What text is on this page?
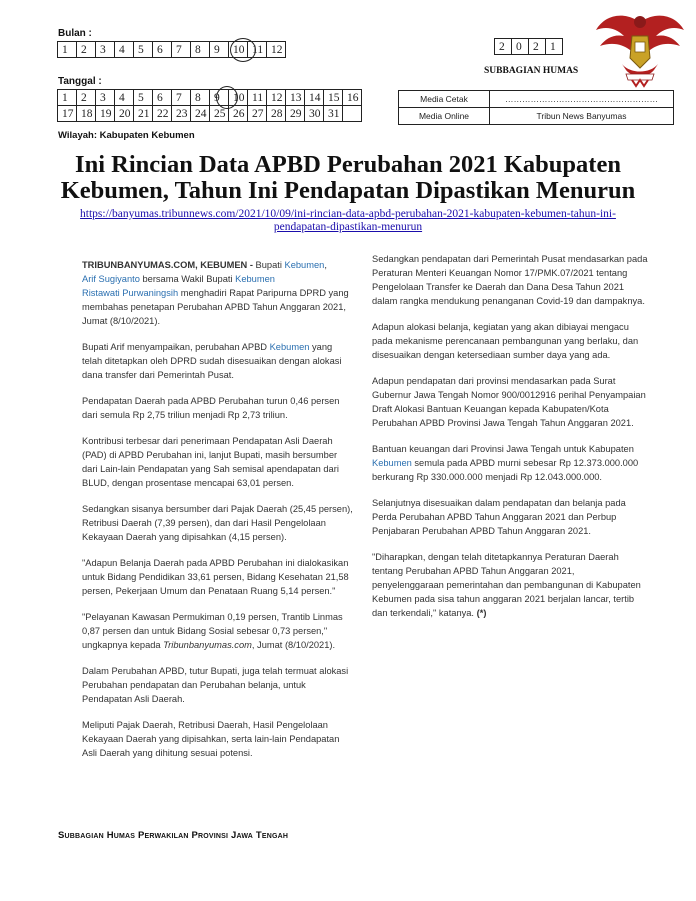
Bulan :
1	2	3	4	5	6	7	8	9	10	11	12	2	0	2	1
SUBBAGIAN HUMAS
Tanggal :
1	2	3	4	5	6	7	8	9	10	11	12	13	14	15	16
17	18	19	20	21	22	23	24	25	26	27	28	29	30	31	
Media Cetak	………………………………………………
Media Online	Tribun News Banyumas
Wilayah: Kabupaten Kebumen
Ini Rincian Data APBD Perubahan 2021 Kabupaten Kebumen, Tahun Ini Pendapatan Dipastikan Menurun
https://banyumas.tribunnews.com/2021/10/09/ini-rincian-data-apbd-perubahan-2021-kabupaten-kebumen-tahun-ini-pendapatan-dipastikan-menurun

TRIBUNBANYUMAS.COM, KEBUMEN - Bupati Kebumen,
Arif Sugiyanto bersama Wakil Bupati Kebumen
Ristawati Purwaningsih menghadiri Rapat Paripurna DPRD yang membahas penetapan Perubahan APBD Tahun Anggaran 2021, Jumat (8/10/2021).

Bupati Arif menyampaikan, perubahan APBD Kebumen yang telah ditetapkan oleh DPRD sudah disesuaikan dengan alokasi dana transfer dari Pemerintah Pusat.

Pendapatan Daerah pada APBD Perubahan turun 0,46 persen dari semula Rp 2,75 triliun menjadi Rp 2,73 triliun.

Kontribusi terbesar dari penerimaan Pendapatan Asli Daerah (PAD) di APBD Perubahan ini, lanjut Bupati, masih bersumber dari Lain-lain Pendapatan yang Sah semisal apendapatan dari BLUD, dengan prosentase mencapai 63,01 persen.

Sedangkan sisanya bersumber dari Pajak Daerah (25,45 persen), Retribusi Daerah (7,39 persen), dan dari Hasil Pengelolaan Kekayaan Daerah yang dipisahkan (4,15 persen).

"Adapun Belanja Daerah pada APBD Perubahan ini dialokasikan untuk Bidang Pendidikan 33,61 persen, Bidang Kesehatan 21,58 persen, Pekerjaan Umum dan Penataan Ruang 5,14 persen."

"Pelayanan Kawasan Permukiman 0,19 persen, Trantib Linmas 0,87 persen dan untuk Bidang Sosial sebesar 0,73 persen," ungkapnya kepada Tribunbanyumas.com, Jumat (8/10/2021).

Dalam Perubahan APBD, tutur Bupati, juga telah termuat alokasi Perubahan pendapatan dan Perubahan belanja, untuk Pendapatan Asli Daerah.

Meliputi Pajak Daerah, Retribusi Daerah, Hasil Pengelolaan Kekayaan Daerah yang dipisahkan, serta lain-lain Pendapatan Asli Daerah yang dihitung sesuai potensi.

Sedangkan pendapatan dari Pemerintah Pusat mendasarkan pada Peraturan Menteri Keuangan Nomor 17/PMK.07/2021 tentang Pengelolaan Transfer ke Daerah dan Dana Desa Tahun 2021 dalam rangka mendukung penanganan Covid-19 dan dampaknya.

Adapun alokasi belanja, kegiatan yang akan dibiayai mengacu pada mekanisme perencanaan pembangunan yang berlaku, dan disesuaikan dengan ketersediaan sumber daya yang ada.

Adapun pendapatan dari provinsi mendasarkan pada Surat Gubernur Jawa Tengah Nomor 900/0012916 perihal Penyampaian Draft Alokasi Bantuan Keuangan kepada Kabupaten/Kota Perubahan APBD Provinsi Jawa Tengah Tahun Anggaran 2021.

Bantuan keuangan dari Provinsi Jawa Tengah untuk Kabupaten
Kebumen semula pada APBD murni sebesar Rp 12.373.000.000 berkurang Rp 330.000.000 menjadi Rp 12.043.000.000.

Selanjutnya disesuaikan dalam pendapatan dan belanja pada Perda Perubahan APBD Tahun Anggaran 2021 dan Perbup Penjabaran Perubahan APBD Tahun Anggaran 2021.

"Diharapkan, dengan telah ditetapkannya Peraturan Daerah tentang Perubahan APBD Tahun Anggaran 2021, penyelenggaraan pemerintahan dan pembangunan di Kabupaten Kebumen pada sisa tahun anggaran 2021 berjalan lancar, tertib dan terkendali," katanya. (*)

Subbagian Humas Perwakilan Provinsi Jawa Tengah
